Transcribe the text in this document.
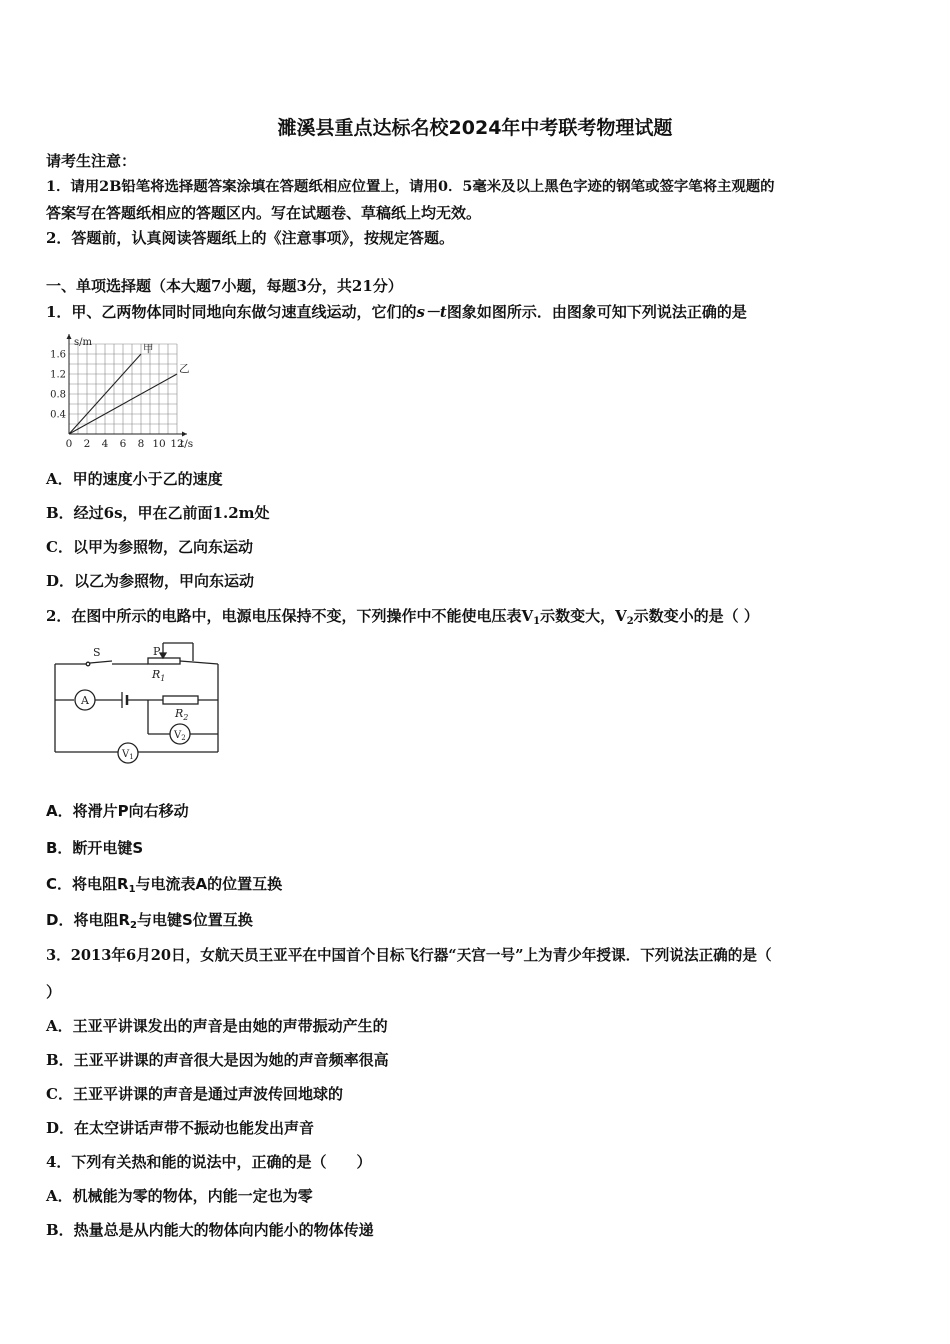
濉溪县重点达标名校2024年中考联考物理试题
请考生注意：
1．请用2B铅笔将选择题答案涂填在答题纸相应位置上，请用0．5毫米及以上黑色字迹的钢笔或签字笔将主观题的
答案写在答题纸相应的答题区内。写在试题卷、草稿纸上均无效。
2．答题前，认真阅读答题纸上的《注意事项》，按规定答题。
一、单项选择题（本大题7小题，每题3分，共21分）
1．甲、乙两物体同时同地向东做匀速直线运动，它们的s－t图象如图所示．由图象可知下列说法正确的是
0 2 4 6 8 10 12
0.4
0.8
1.2
1.6
t/s
s/m
甲
乙
A．甲的速度小于乙的速度
B．经过6s，甲在乙前面1.2m处
C．以甲为参照物，乙向东运动
D．以乙为参照物，甲向东运动
2．在图中所示的电路中，电源电压保持不变，下列操作中不能使电压表$V_1$示数变大，$V_2$示数变小的是（ ）
S	P
$R_1$
A
$R_2$
$V_2$
$V_1$
A．将滑片P向右移动
B．断开电键S
C．将电阻$R_1$与电流表A的位置互换
D．将电阻$R_2$与电键S位置互换
3．2013年6月20日，女航天员王亚平在中国首个目标飞行器“天宫一号”上为青少年授课．下列说法正确的是（
）
A．王亚平讲课发出的声音是由她的声带振动产生的
B．王亚平讲课的声音很大是因为她的声音频率很高
C．王亚平讲课的声音是通过声波传回地球的
D．在太空讲话声带不振动也能发出声音
4．下列有关热和能的说法中，正确的是（　　）
A．机械能为零的物体，内能一定也为零
B．热量总是从内能大的物体向内能小的物体传递
